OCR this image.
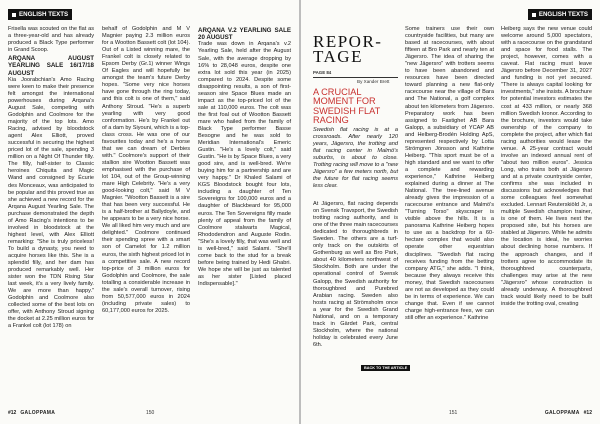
ENGLISH TEXTS

Frisella was scouted on the flat as a three-year-old and has already produced a Black Type performer in Grand Scoop.

ARQANA AUGUST YEARLING SALE 16/17/18 AUGUST

Kia Joorabchian's Amo Racing were keen to make their presence felt amongst the international powerhouses during Arqana's August Sale, competing with Godolphin and Coolmore for the majority of the top lots. Amo Racing, advised by bloodstock agent Alex Elliott, proved successful in securing the highest priced lot of the sale, spending 3 million on a Night Of Thunder filly. The filly, half-sister to Classic heroines Chiquita and Magic Wand and consigned by Écurie des Monceaux, was anticipated to be popular and this proved true as she achieved a new record for the Arqana August Yearling Sale. The purchase demonstrated the depth of Amo Racing's intentions to be involved in bloodstock at the highest level, with Alex Elliott remarking: "She is truly priceless! To build a dynasty, you need to acquire horses like this. She is a splendid filly, and her dam has produced remarkably well. Her sister won the TDN Rising Star last week, it's a very lively family. We are more than happy." Godolphin and Coolmore also collected some of the best lots on offer, with Anthony Stroud signing the docket at 2.25 million euros for a Frankel colt (lot 178) on

behalf of Godolphin and M V Magnier paying 2.3 million euros for a Wootton Bassett colt (lot 104). Out of a Listed winning mare, the Frankel colt is closely related to Epsom Derby (Gr.1) winner Wings Of Eagles and will hopefully be amongst the team's future Derby hopes. "Some very nice horses have gone through the ring today, and this colt is one of them," said Anthony Stroud. "He's a superb yearling with very good conformation. He's by Frankel out of a dam by Siyouni, which is a top-class cross. He was one of our favourites today and he's a horse that we can dream of Derbies with." Coolmore's support of their stallion sire Wootton Bassett was emphasised with the purchase of lot 104, out of the Group-winning mare High Celebrity. "He's a very good-looking colt," said M V Magnier. "Wootton Bassett is a sire that has been very successful. He is a half-brother at Ballydoyle, and he appears to be a very nice horse. We all liked him very much and are delighted." Coolmore continued their spending spree with a smart son of Camelot for 1.2 million euros, the sixth highest priced lot in a competitive sale. A new record top-price of 3 million euros for Godolphin and Coolmore, the sale totalling a considerable increase in the sale's overall turnover, rising from 50,577,000 euros in 2024 (including private sales) to 60,177,000 euros for 2025.

ARQANA V.2 YEARLING SALE 20 AUGUST

Trade was down in Arqana's v.2 Yearling Sale, held after the August Sale, with the average dropping by 16% to 28,048 euros, despite one extra lot sold this year (in 2025) compared to 2024. Despite some disappointing results, a son of first-season sire Space Blues made an impact as the top-priced lot of the sale at 110,000 euros. The colt was the first foal out of Wootton Bassett mare who hailed from the family of Black Type performer Basse Besogne and he was sold to Meridian International's Emeric Gustin. "He's a lovely colt," said Gustin. "He is by Space Blues, a very good sire, and is well-bred. We're buying him for a partnership and are very happy." Dr Khaled Salami of KGS Bloodstock bought four lots, including a daughter of Ten Sovereigns for 100,000 euros and a daughter of Blackbeard for 95,000 euros. The Ten Sovereigns filly made plenty of appeal from the family of Coolmore stalwarts Magical, Rhododendron and Auguste Rodin. "She's a lovely filly, that was well and is well-bred," said Salami. "She'll come back to the stud for a break before being trained by Hedi Ghabri. We hope she will be just as talented as her sister [Listed placed Indispensable]."

#12 GALOPPAMA	150
ENGLISH TEXTS
REPOR-
TAGE
PAGE 84
By Xander Brett
A CRUCIAL MOMENT FOR SWEDISH FLAT RACING
Swedish flat racing is at a crossroads. After nearly 120 years, Jägersro, the trotting and flat racing center in Malmö's suburbs, is about to close. Trotting racing will move to a "new Jägersro" a few meters north, but the future for flat racing seems less clear.

At Jägersro, flat racing depends on Svensk Travsport, the Swedish trotting racing authority, and is one of the three main racecourses dedicated to thoroughbreds in Sweden. The others are a turf-only track on the outskirts of Gothenburg as well as Bro Park, about 40 kilometers northwest of Stockholm. Both are under the operational control of Svensk Galopp, the Swedish authority for thoroughbred and Purebred Arabian racing. Sweden also hosts racing at Strömsholm once a year for the Swedish Grand National, and on a temporary track in Gärdet Park, central Stockholm, where the national holiday is celebrated every June 6th.

BACK TO THE ARTICLE

Some trainers use their own countryside facilities, but many are based at racecourses, with about fifteen at Bro Park and nearly ten at Jägersro. The idea of sharing the "new Jägersro" with trotters seems to have been abandoned and resources have been directed toward planning a new flat-only racecourse near the village of Bara and The National, a golf complex about ten kilometers from Jägersro. Preparatory work has been assigned to Fastighet AB Bara Galopp, a subsidiary of YCAP AB and Helberg-Brodén Holding ApS, represented respectively by Lotta Strömgren Jönsson and Kathrine Heiberg. "This sport must be of a high standard and we want to offer a complete and rewarding experience," Kathrine Heiberg explained during a dinner at The National. The tree-lined avenue already gives the impression of a racecourse entrance and Malmö's "Turning Torso" skyscraper is visible above the hills. It is a panorama Kathrine Heiberg hopes to use as a backdrop for a 60-hectare complex that would also operate other equestrian disciplines. "Swedish flat racing receives funding from the betting company ATG," she adds. "I think, because they always receive this money, that Swedish racecourses are not as developed as they could be in terms of experience. We can change that. Even if we cannot charge high-entrance fees, we can still offer an experience." Kathrine

Heiberg says the new venue could welcome around 5,000 spectators, with a racecourse on the grandstand and space for food stalls. The project, however, comes with a caveat. Flat racing must leave Jägersro before December 31, 2027 and funding is not yet secured. "There is always capital looking for investments," she insists. A brochure for potential investors estimates the cost at 433 million, or nearly 368 million Swedish kronor. According to the brochure, investors would take ownership of the company to complete the project, after which flat racing authorities would lease the venue. A 25-year contract would involve an indexed annual rent of "about two million euros". Jessica Long, who trains both at Jägersro and at a private countryside center, confirms she was included in discussions but acknowledges that some colleagues feel somewhat excluded. Lennart Reuterskiöld Jr, a multiple Swedish champion trainer, is one of them. He lives next the proposed site, but his horses are stabled at Jägersro. While he admits the location is ideal, he worries about declining horse numbers. If the approach changes, and if trotters agree to accommodate its thoroughbred counterparts, challenges may arise at the new "Jägersro" whose construction is already underway. A thoroughbred track would likely need to be built inside the trotting oval, creating

151	GALOPPAMA #12
